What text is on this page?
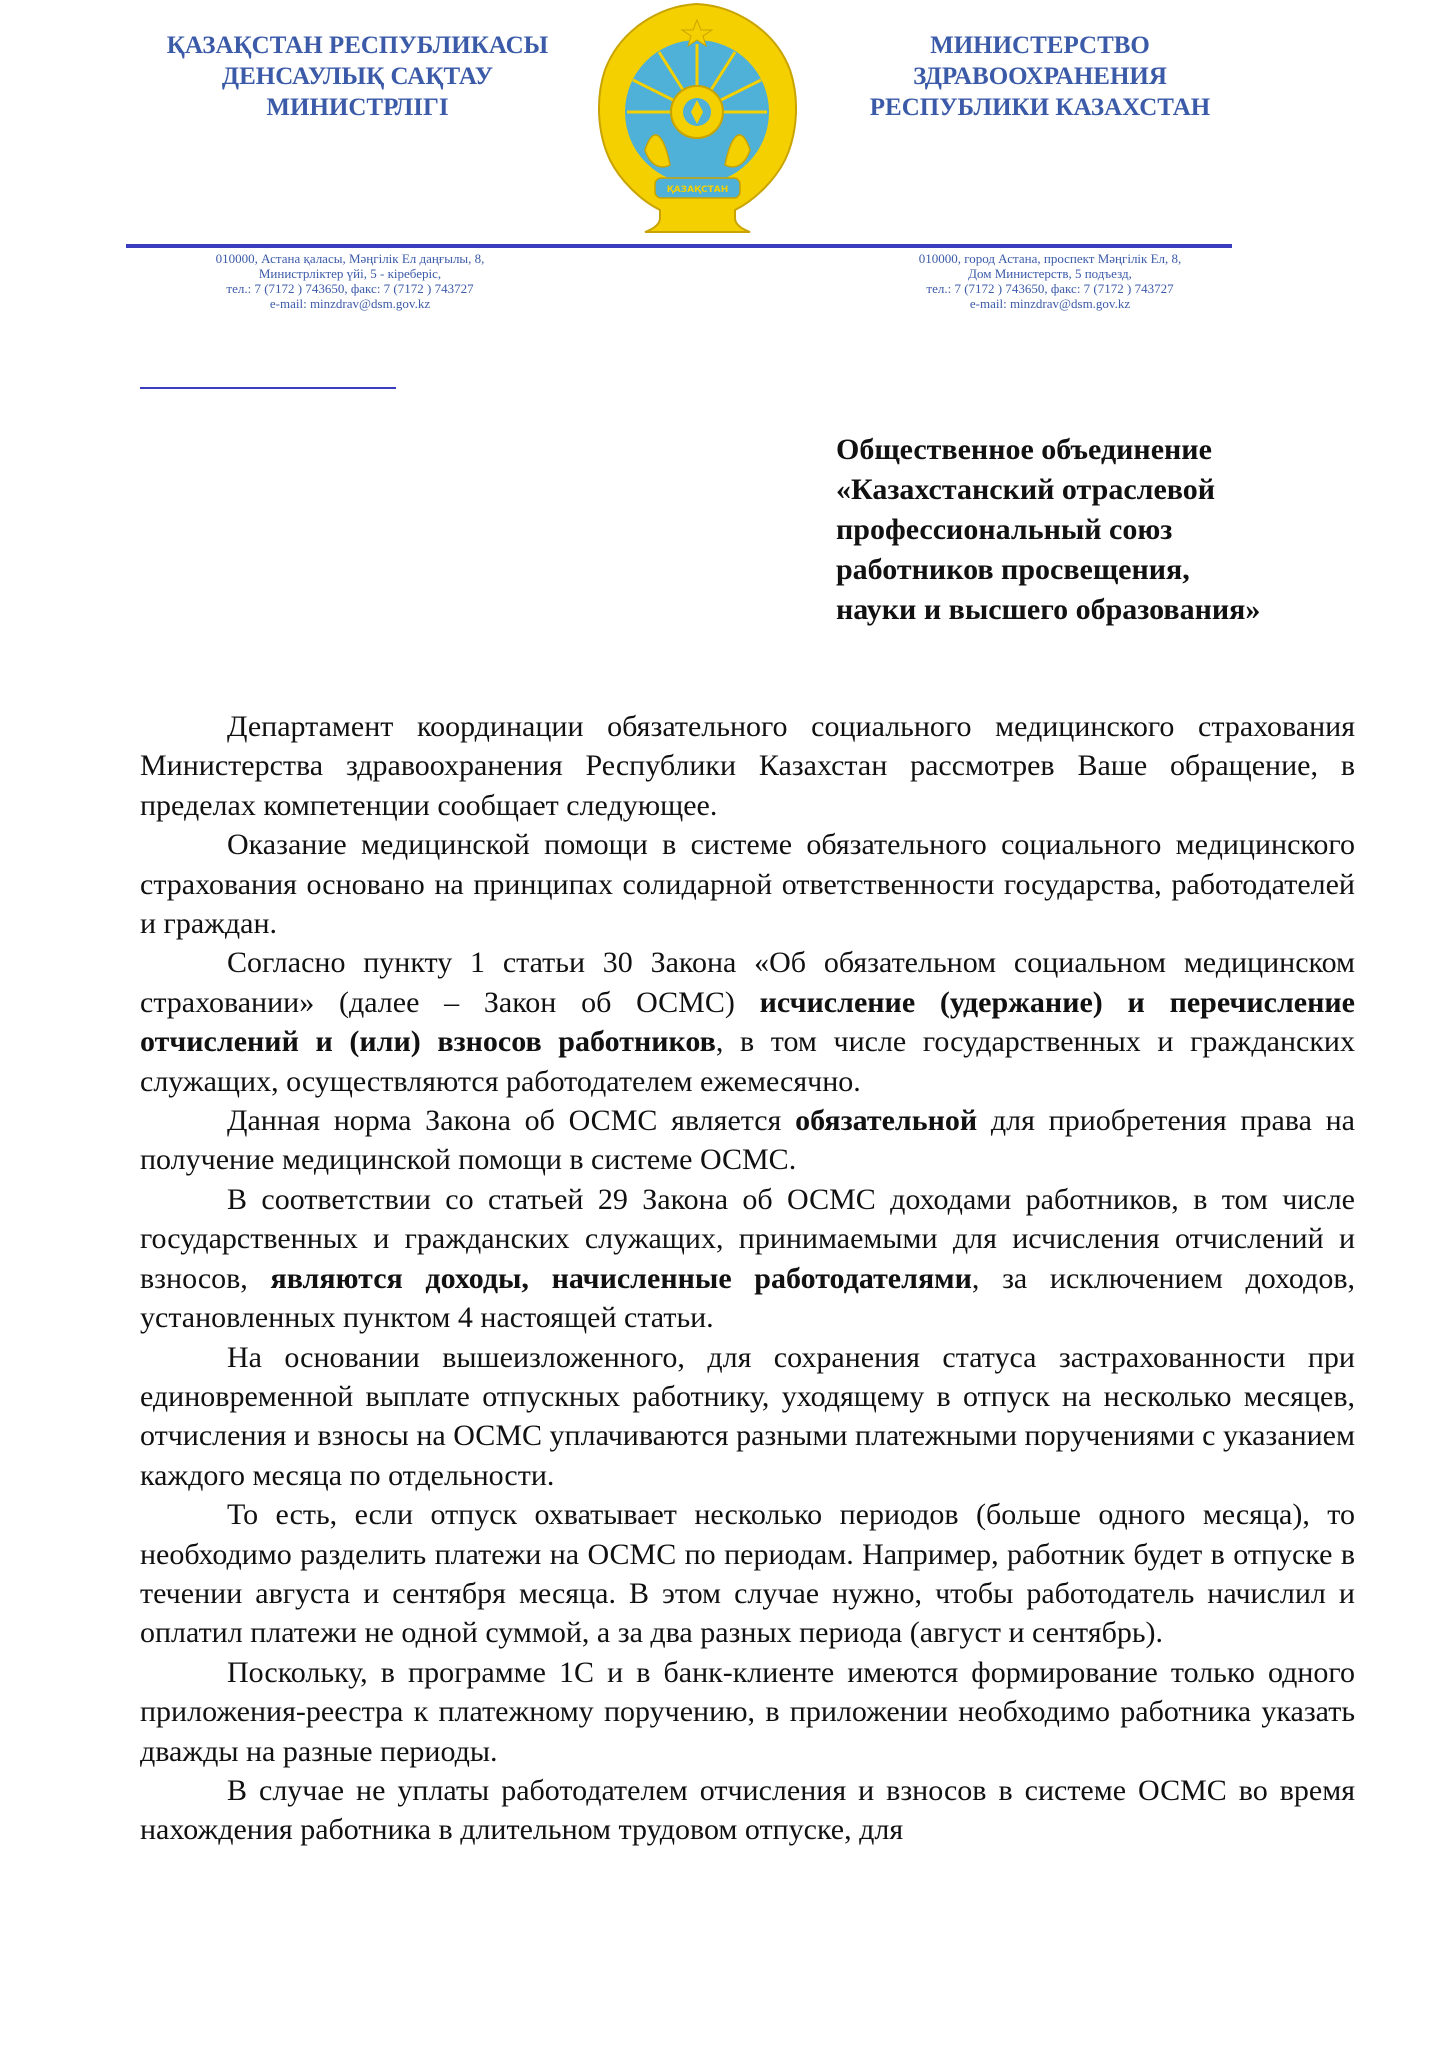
ҚАЗАҚСТАН РЕСПУБЛИКАСЫ
ДЕНСАУЛЫҚ САҚТАУ
МИНИСТРЛІГІ
ҚАЗАҚСТАН
МИНИСТЕРСТВО
ЗДРАВООХРАНЕНИЯ
РЕСПУБЛИКИ КАЗАХСТАН
010000, Астана қаласы, Мәңгілік Ел даңғылы, 8,
Министрліктер үйі, 5 - кіреберіс,
тел.: 7 (7172 ) 743650, факс: 7 (7172 ) 743727
e-mail: minzdrav@dsm.gov.kz
010000, город Астана, проспект Мәңгілік Ел, 8,
Дом Министерств, 5 подъезд,
тел.: 7 (7172 ) 743650, факс: 7 (7172 ) 743727
e-mail: minzdrav@dsm.gov.kz
Общественное объединение
«Казахстанский отраслевой
профессиональный союз
работников просвещения,
науки и высшего образования»

Департамент координации обязательного социального медицинского страхования Министерства здравоохранения Республики Казахстан рассмотрев Ваше обращение, в пределах компетенции сообщает следующее.

Оказание медицинской помощи в системе обязательного социального медицинского страхования основано на принципах солидарной ответственности государства, работодателей и граждан.

Согласно пункту 1 статьи 30 Закона «Об обязательном социальном медицинском страховании» (далее – Закон об ОСМС) исчисление (удержание) и перечисление отчислений и (или) взносов работников, в том числе государственных и гражданских служащих, осуществляются работодателем ежемесячно.

Данная норма Закона об ОСМС является обязательной для приобретения права на получение медицинской помощи в системе ОСМС.

В соответствии со статьей 29 Закона об ОСМС доходами работников, в том числе государственных и гражданских служащих, принимаемыми для исчисления отчислений и взносов, являются доходы, начисленные работодателями, за исключением доходов, установленных пунктом 4 настоящей статьи.

На основании вышеизложенного, для сохранения статуса застрахованности при единовременной выплате отпускных работнику, уходящему в отпуск на несколько месяцев, отчисления и взносы на ОСМС уплачиваются разными платежными поручениями с указанием каждого месяца по отдельности.

То есть, если отпуск охватывает несколько периодов (больше одного месяца), то необходимо разделить платежи на ОСМС по периодам. Например, работник будет в отпуске в течении августа и сентября месяца. В этом случае нужно, чтобы работодатель начислил и оплатил платежи не одной суммой, а за два разных периода (август и сентябрь).

Поскольку, в программе 1С и в банк-клиенте имеются формирование только одного приложения-реестра к платежному поручению, в приложении необходимо работника указать дважды на разные периоды.

В случае не уплаты работодателем отчисления и взносов в системе ОСМС во время нахождения работника в длительном трудовом отпуске, для
